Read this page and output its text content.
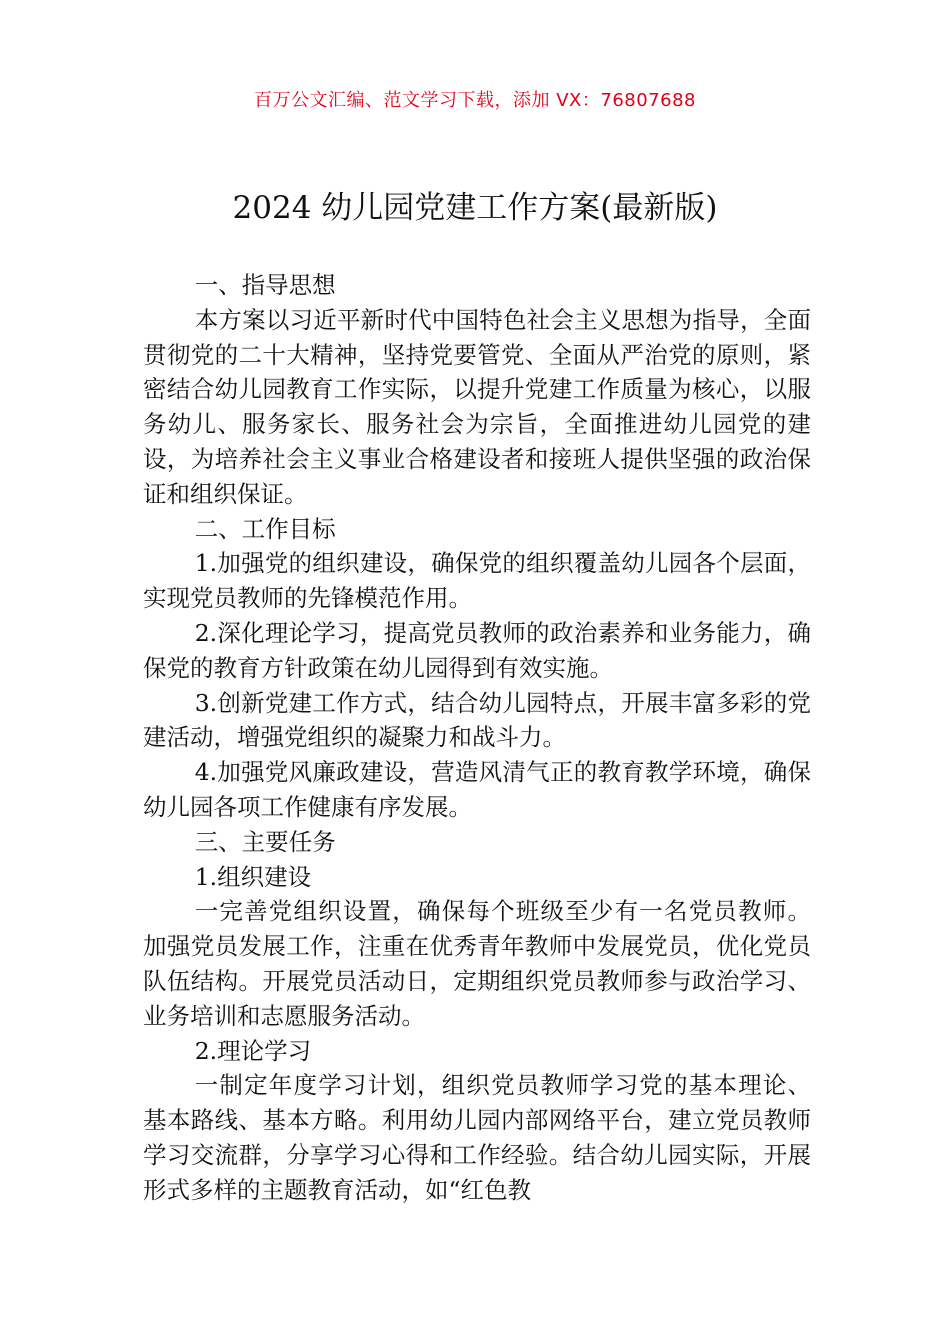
百万公文汇编、范文学习下载，添加 VX：76807688
2024 幼儿园党建工作方案(最新版)

一、指导思想

本方案以习近平新时代中国特色社会主义思想为指导，全面贯彻党的二十大精神，坚持党要管党、全面从严治党的原则，紧密结合幼儿园教育工作实际，以提升党建工作质量为核心，以服务幼儿、服务家长、服务社会为宗旨，全面推进幼儿园党的建设，为培养社会主义事业合格建设者和接班人提供坚强的政治保证和组织保证。

二、工作目标

1.加强党的组织建设，确保党的组织覆盖幼儿园各个层面，实现党员教师的先锋模范作用。

2.深化理论学习，提高党员教师的政治素养和业务能力，确保党的教育方针政策在幼儿园得到有效实施。

3.创新党建工作方式，结合幼儿园特点，开展丰富多彩的党建活动，增强党组织的凝聚力和战斗力。

4.加强党风廉政建设，营造风清气正的教育教学环境，确保幼儿园各项工作健康有序发展。

三、主要任务

1.组织建设

一完善党组织设置，确保每个班级至少有一名党员教师。 加强党员发展工作，注重在优秀青年教师中发展党员，优化党员队伍结构。开展党员活动日，定期组织党员教师参与政治学习、业务培训和志愿服务活动。

2.理论学习

一制定年度学习计划，组织党员教师学习党的基本理论、 基本路线、基本方略。利用幼儿园内部网络平台，建立党员教师学习交流群，分享学习心得和工作经验。结合幼儿园实际，开展形式多样的主题教育活动，如“红色教
